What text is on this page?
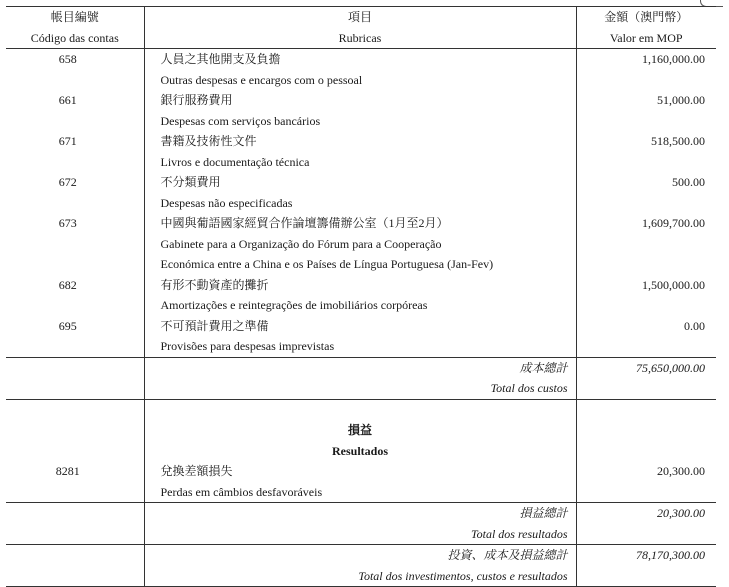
帳目編號	項目	金額（澳門幣）
Código das contas	Rubricas	Valor em MOP
658	人員之其他開支及負擔	1,160,000.00
	Outras despesas e encargos com o pessoal	
661	銀行服務費用	51,000.00
	Despesas com serviços bancários	
671	書籍及技術性文件	518,500.00
	Livros e documentação técnica	
672	不分類費用	500.00
	Despesas não especificadas	
673	中國與葡語國家經貿合作論壇籌備辦公室（1月至2月）	1,609,700.00
	Gabinete para a Organização do Fórum para a Cooperação	
	Económica entre a China e os Países de Língua Portuguesa (Jan-Fev)	
682	有形不動資產的攤折	1,500,000.00
	Amortizações e reintegrações de imobiliários corpóreas	
695	不可預計費用之準備	0.00
	Provisões para despesas imprevistas	
	成本總計	75,650,000.00
	Total dos custos	

	損益	
	Resultados	
8281	兌換差額損失	20,300.00
	Perdas em câmbios desfavoráveis	
	損益總計	20,300.00
	Total dos resultados	
	投資、成本及損益總計	78,170,300.00
	Total dos investimentos, custos e resultados	
